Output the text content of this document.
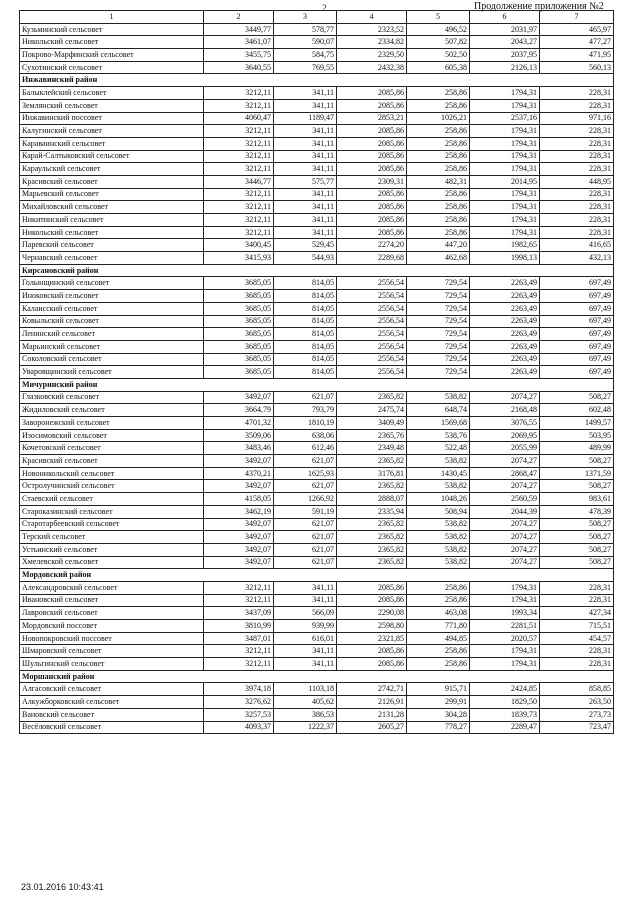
2	Продолжение приложения №2
1	2	3	4	5	6	7
Кузьминский сельсовет	3449,77	578,77	2323,52	496,52	2031,97	465,97
Никольский сельсовет	3461,07	590,07	2334,82	507,82	2043,27	477,27
Покрово-Марфинский сельсовет	3455,75	584,75	2329,50	502,50	2037,95	471,95
Сухотинский сельсовет	3640,55	769,55	2432,38	605,38	2126,13	560,13
Инжавинский район						
Балыклейский сельсовет	3212,11	341,11	2085,86	258,86	1794,31	228,31
Землянский сельсовет	3212,11	341,11	2085,86	258,86	1794,31	228,31
Инжавинский поссовет	4060,47	1189,47	2853,21	1026,21	2537,16	971,16
Калугинский сельсовет	3212,11	341,11	2085,86	258,86	1794,31	228,31
Караваинский сельсовет	3212,11	341,11	2085,86	258,86	1794,31	228,31
Карай-Салтыковский сельсовет	3212,11	341,11	2085,86	258,86	1794,31	228,31
Караульский сельсовет	3212,11	341,11	2085,86	258,86	1794,31	228,31
Красивский сельсовет	3446,77	575,77	2309,31	482,31	2014,95	448,95
Марьевский сельсовет	3212,11	341,11	2085,86	258,86	1794,31	228,31
Михайловский сельсовет	3212,11	341,11	2085,86	258,86	1794,31	228,31
Никитинский сельсовет	3212,11	341,11	2085,86	258,86	1794,31	228,31
Никольский сельсовет	3212,11	341,11	2085,86	258,86	1794,31	228,31
Паревский сельсовет	3400,45	529,45	2274,20	447,20	1982,65	416,65
Чернавский сельсовет	3415,93	544,93	2289,68	462,68	1998,13	432,13
Кирсановский район						
Голынщинский сельсовет	3685,05	814,05	2556,54	729,54	2263,49	697,49
Иноковский сельсовет	3685,05	814,05	2556,54	729,54	2263,49	697,49
Калаисский сельсовет	3685,05	814,05	2556,54	729,54	2263,49	697,49
Ковыльский сельсовет	3685,05	814,05	2556,54	729,54	2263,49	697,49
Ленинский сельсовет	3685,05	814,05	2556,54	729,54	2263,49	697,49
Марьинский сельсовет	3685,05	814,05	2556,54	729,54	2263,49	697,49
Соколовский сельсовет	3685,05	814,05	2556,54	729,54	2263,49	697,49
Уваровщинский сельсовет	3685,05	814,05	2556,54	729,54	2263,49	697,49
Мичуринский район						
Глазковский сельсовет	3492,07	621,07	2365,82	538,82	2074,27	508,27
Жидиловский сельсовет	3664,79	793,79	2475,74	648,74	2168,48	602,48
Заворонежский сельсовет	4701,32	1810,19	3409,49	1569,68	3076,55	1499,57
Изосимовский сельсовет	3509,06	638,06	2365,76	538,76	2069,95	503,95
Кочетовский сельсовет	3483,46	612,46	2349,48	522,48	2055,99	489,99
Красивский сельсовет	3492,07	621,07	2365,82	538,82	2074,27	508,27
Новоникольский сельсовет	4370,21	1625,93	3176,81	1430,45	2868,47	1371,59
Остролучинский сельсовет	3492,07	621,07	2365,82	538,82	2074,27	508,27
Стаевский сельсовет	4158,05	1266,92	2888,07	1048,26	2560,59	983,61
Староказинский сельсовет	3462,19	591,19	2335,94	508,94	2044,39	478,39
Старотарбеевский сельсовет	3492,07	621,07	2365,82	538,82	2074,27	508,27
Терский сельсовет	3492,07	621,07	2365,82	538,82	2074,27	508,27
Устьинский сельсовет	3492,07	621,07	2365,82	538,82	2074,27	508,27
Хмелевской сельсовет	3492,07	621,07	2365,82	538,82	2074,27	508,27
Мордовский район						
Александровский сельсовет	3212,11	341,11	2085,86	258,86	1794,31	228,31
Ивановский сельсовет	3212,11	341,11	2085,86	258,86	1794,31	228,31
Лавровский сельсовет	3437,09	566,09	2290,08	463,08	1993,34	427,34
Мордовский поссовет	3810,99	939,99	2598,80	771,80	2281,51	715,51
Новопокровский поссовет	3487,01	616,01	2321,85	494,85	2020,57	454,57
Шмаровский сельсовет	3212,11	341,11	2085,86	258,86	1794,31	228,31
Шульгинский сельсовет	3212,11	341,11	2085,86	258,86	1794,31	228,31
Моршанский район						
Алгасовский сельсовет	3974,18	1103,18	2742,71	915,71	2424,85	858,85
Алкужборковский сельсовет	3276,62	405,62	2126,91	299,91	1829,50	263,50
Вановский сельсовет	3257,53	386,53	2131,28	304,28	1839,73	273,73
Весёловский сельсовет	4093,37	1222,37	2605,27	778,27	2289,47	723,47
23.01.2016 10:43:41
